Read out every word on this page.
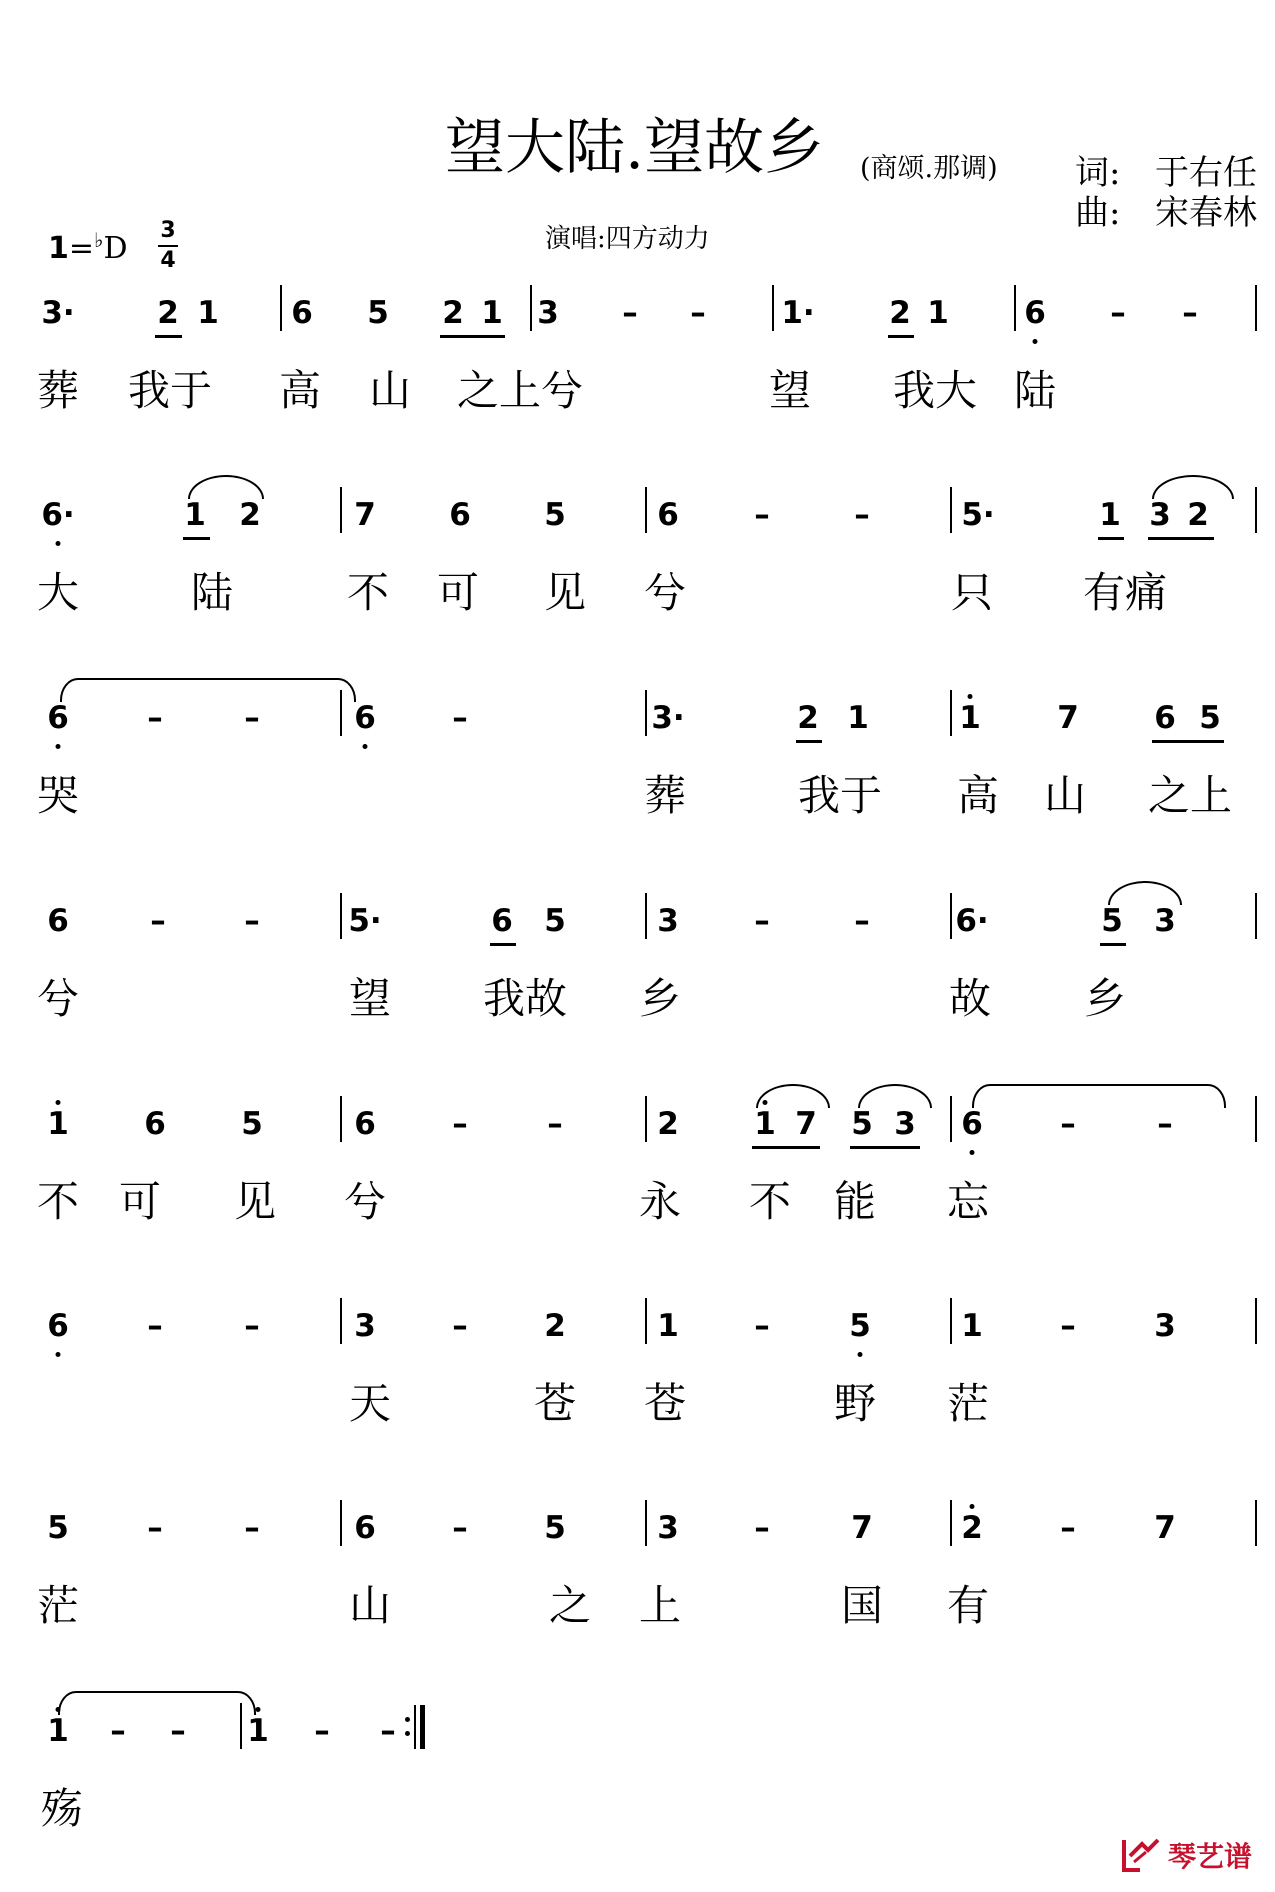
望大陆.望故乡 (商颂.那调) 词: 于右任
曲: 宋春林
演唱:四方动力
1=♭D
3
4
3·	2 1 6 5 2 1 3 – – 1· 2 1 6 – –
葬 我于 高 山 之上兮	望 我大 陆
6·	1 2	7 6 5	6 –	–	5·	1 3 2
大	陆	不 可 见 兮	只 有痛
6	–	–	6 –	3·	2 1	1 7 6 5
哭	葬	我于 高 山 之上
6	–	–	5·	6 5	3 –	–	6·	5 3
兮	望 我故 乡	故 乡
1 6 5	6 –	–	2 1 7 5 3 6 –	–
不 可 见 兮	永 不 能 忘
6	–	–	3 – 2	1 –	5	1 –	3
天	苍 苍	野 茫
5	–	–	6 – 5	3 –	7	2 –	7
茫	山	之 上	国 有
1 – – 1 – –
殇
琴艺谱
